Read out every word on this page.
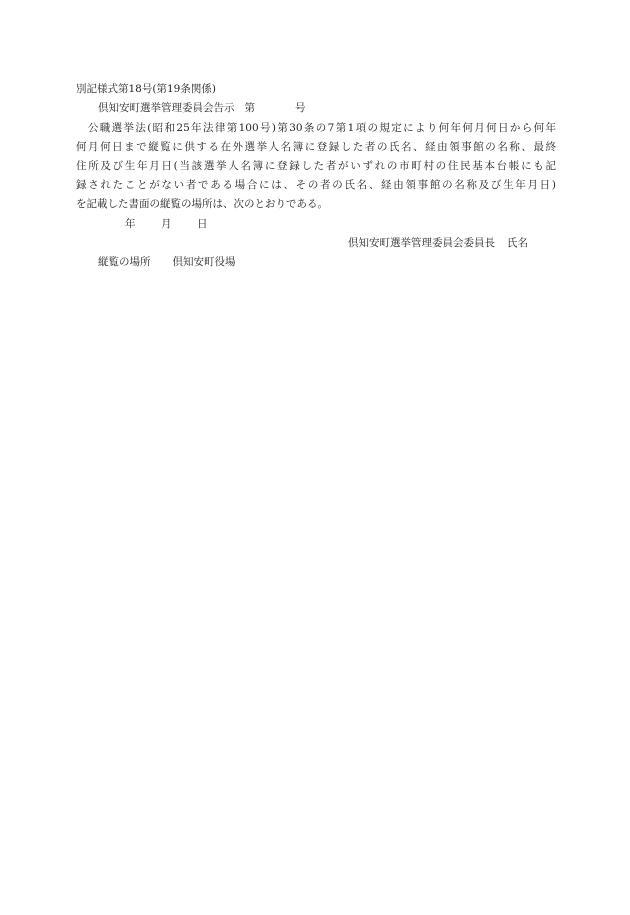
別記様式第18号(第19条関係)
倶知安町選挙管理委員会告示 第	号
　公職選挙法(昭和25年法律第100号)第30条の7第1項の規定により何年何月何日から何年
何月何日まで縦覧に供する在外選挙人名簿に登録した者の氏名、経由領事館の名称、最終
住所及び生年月日(当該選挙人名簿に登録した者がいずれの市町村の住民基本台帳にも記
録されたことがない者である場合には、その者の氏名、経由領事館の名称及び生年月日)
を記載した書面の縦覧の場所は、次のとおりである。
年 月 日
倶知安町選挙管理委員会委員長 氏名
縦覧の場所 倶知安町役場
